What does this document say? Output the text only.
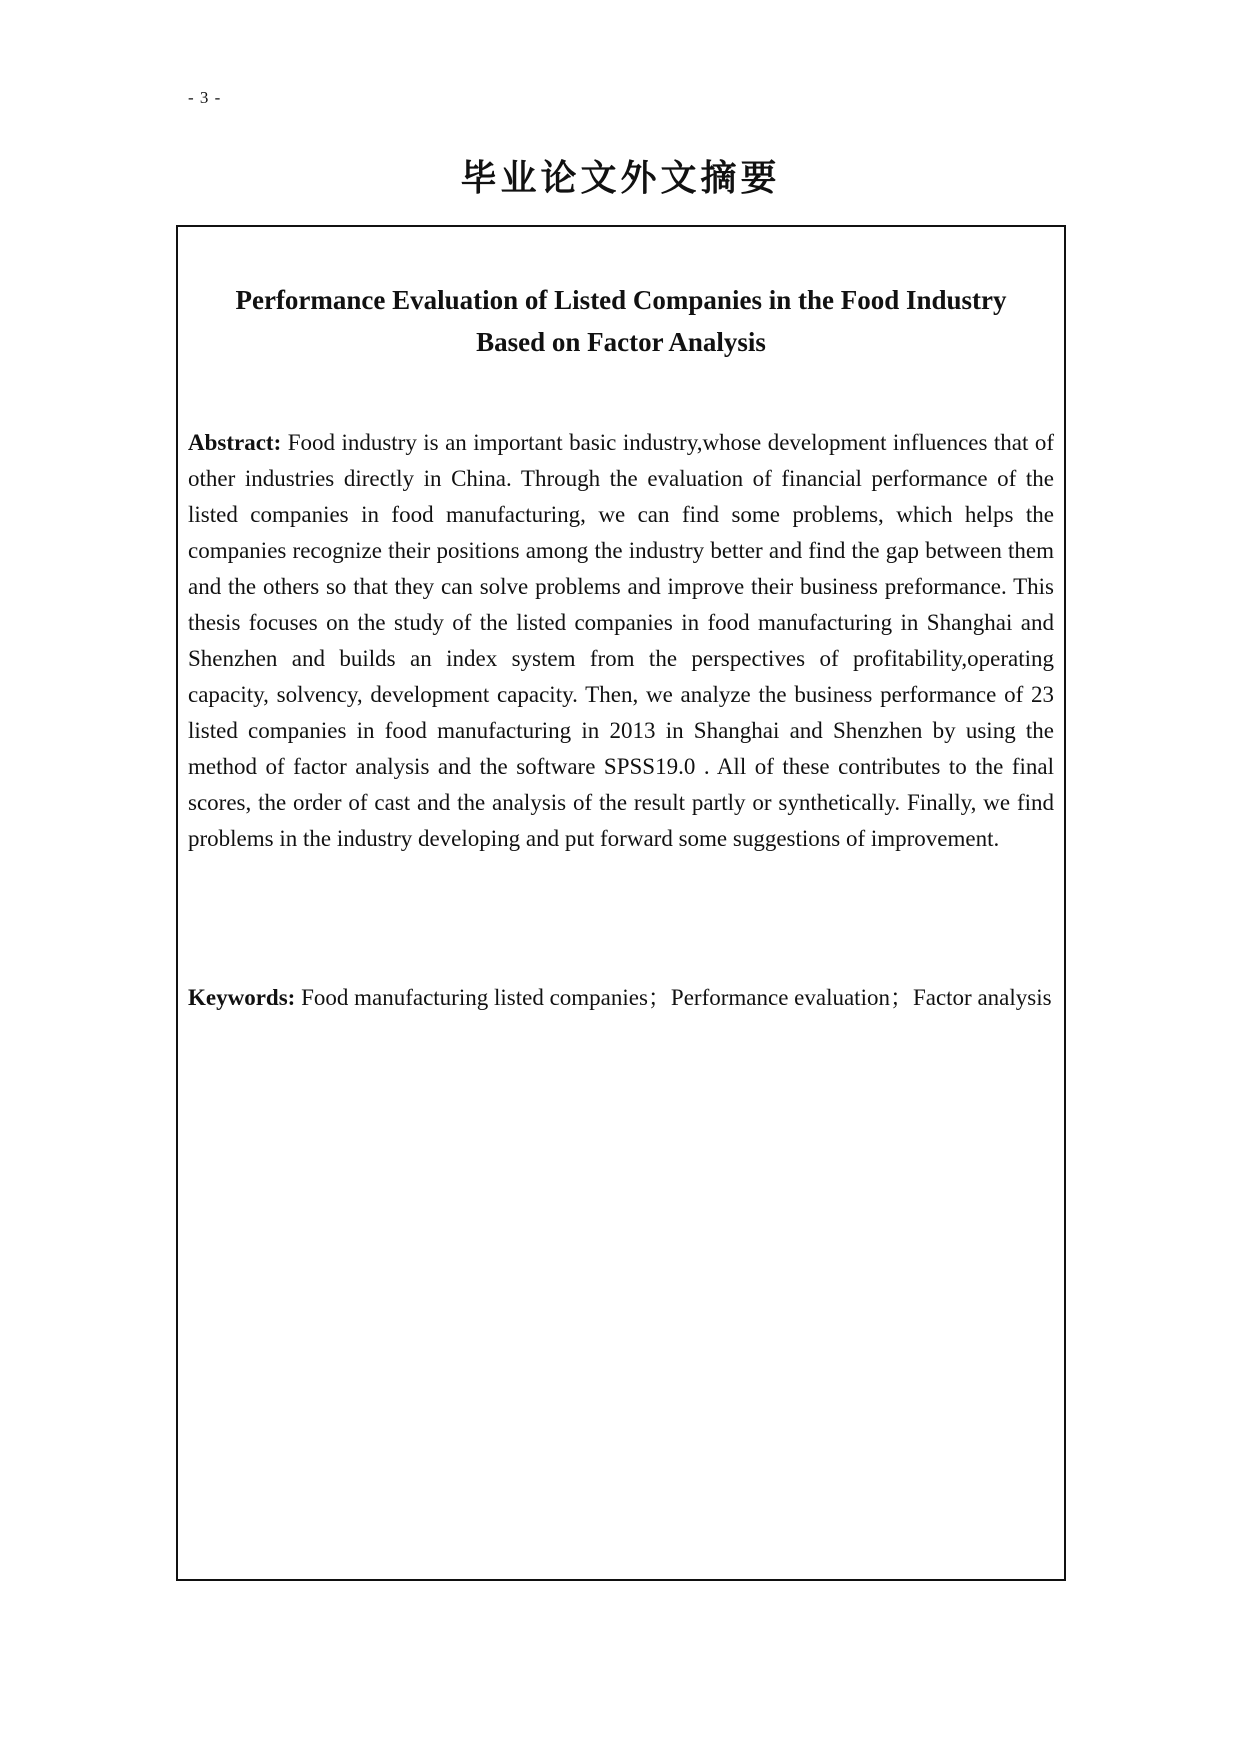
- 3 -
毕业论文外文摘要
Performance Evaluation of Listed Companies in the Food Industry
Based on Factor Analysis

Abstract: Food industry is an important basic industry,whose development influences that of other industries directly in China. Through the evaluation of financial performance of the listed companies in food manufacturing, we can find some problems, which helps the companies recognize their positions among the industry better and find the gap between them and the others so that they can solve problems and improve their business preformance. This thesis focuses on the study of the listed companies in food manufacturing in Shanghai and Shenzhen and builds an index system from the perspectives of profitability,operating capacity, solvency, development capacity. Then, we analyze the business performance of 23 listed companies in food manufacturing in 2013 in Shanghai and Shenzhen by using the method of factor analysis and the software SPSS19.0 . All of these contributes to the final scores, the order of cast and the analysis of the result partly or synthetically. Finally, we find problems in the industry developing and put forward some suggestions of improvement.

Keywords: Food manufacturing listed companies；Performance evaluation；Factor analysis
